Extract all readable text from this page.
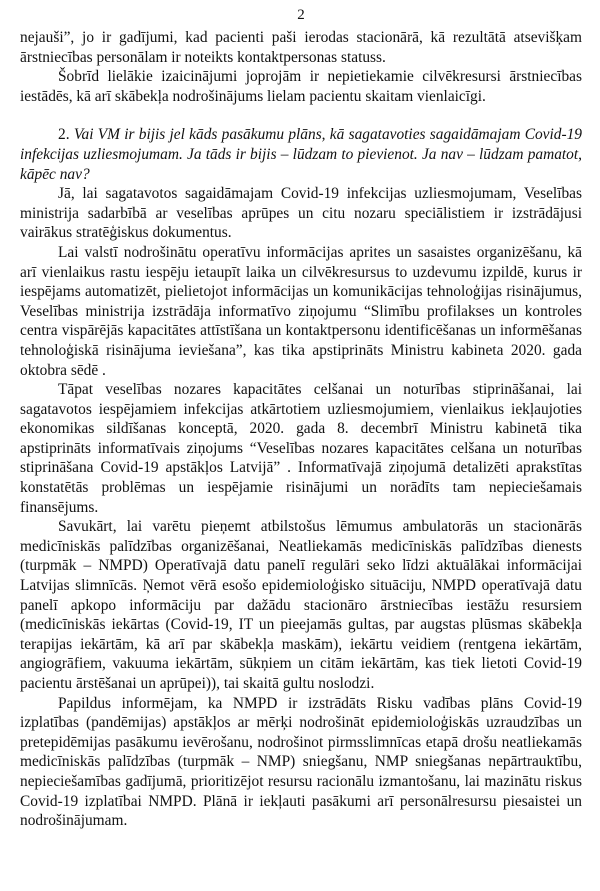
2

nejauši”, jo ir gadījumi, kad pacienti paši ierodas stacionārā, kā rezultātā atsevišķam ārstniecības personālam ir noteikts kontaktpersonas statuss.

Šobrīd lielākie izaicinājumi joprojām ir nepietiekamie cilvēkresursi ārstniecības iestādēs, kā arī skābekļa nodrošinājums lielam pacientu skaitam vienlaicīgi.

2. Vai VM ir bijis jel kāds pasākumu plāns, kā sagatavoties sagaidāmajam Covid-19 infekcijas uzliesmojumam. Ja tāds ir bijis – lūdzam to pievienot. Ja nav – lūdzam pamatot, kāpēc nav?

Jā, lai sagatavotos sagaidāmajam Covid-19 infekcijas uzliesmojumam, Veselības ministrija sadarbībā ar veselības aprūpes un citu nozaru speciālistiem ir izstrādājusi vairākus stratēģiskus dokumentus.

Lai valstī nodrošinātu operatīvu informācijas aprites un sasaistes organizēšanu, kā arī vienlaikus rastu iespēju ietaupīt laika un cilvēkresursus to uzdevumu izpildē, kurus ir iespējams automatizēt, pielietojot informācijas un komunikācijas tehnoloģijas risinājumus, Veselības ministrija izstrādāja informatīvo ziņojumu “Slimību profilakses un kontroles centra vispārējās kapacitātes attīstīšana un kontaktpersonu identificēšanas un informēšanas tehnoloģiskā risinājuma ieviešana”, kas tika apstiprināts Ministru kabineta 2020. gada oktobra sēdē .

Tāpat veselības nozares kapacitātes celšanai un noturības stiprināšanai, lai sagatavotos iespējamiem infekcijas atkārtotiem uzliesmojumiem, vienlaikus iekļaujoties ekonomikas sildīšanas konceptā, 2020. gada 8. decembrī Ministru kabinetā tika apstiprināts informatīvais ziņojums “Veselības nozares kapacitātes celšana un noturības stiprināšana Covid-19 apstākļos Latvijā” . Informatīvajā ziņojumā detalizēti aprakstītas konstatētās problēmas un iespējamie risinājumi un norādīts tam nepieciešamais finansējums.

Savukārt, lai varētu pieņemt atbilstošus lēmumus ambulatorās un stacionārās medicīniskās palīdzības organizēšanai, Neatliekamās medicīniskās palīdzības dienests (turpmāk – NMPD) Operatīvajā datu panelī regulāri seko līdzi aktuālākai informācijai Latvijas slimnīcās. Ņemot vērā esošo epidemioloģisko situāciju, NMPD operatīvajā datu panelī apkopo informāciju par dažādu stacionāro ārstniecības iestāžu resursiem (medicīniskās iekārtas (Covid-19, IT un pieejamās gultas, par augstas plūsmas skābekļa terapijas iekārtām, kā arī par skābekļa maskām), iekārtu veidiem (rentgena iekārtām, angiogrāfiem, vakuuma iekārtām, sūkņiem un citām iekārtām, kas tiek lietoti Covid-19 pacientu ārstēšanai un aprūpei)), tai skaitā gultu noslodzi.

Papildus informējam, ka NMPD ir izstrādāts Risku vadības plāns Covid-19 izplatības (pandēmijas) apstākļos ar mērķi nodrošināt epidemioloģiskās uzraudzības un pretepidēmijas pasākumu ievērošanu, nodrošinot pirmsslimnīcas etapā drošu neatliekamās medicīniskās palīdzības (turpmāk – NMP) sniegšanu, NMP sniegšanas nepārtrauktību, nepieciešamības gadījumā, prioritizējot resursu racionālu izmantošanu, lai mazinātu riskus Covid-19 izplatībai NMPD. Plānā ir iekļauti pasākumi arī personālresursu piesaistei un nodrošinājumam.
